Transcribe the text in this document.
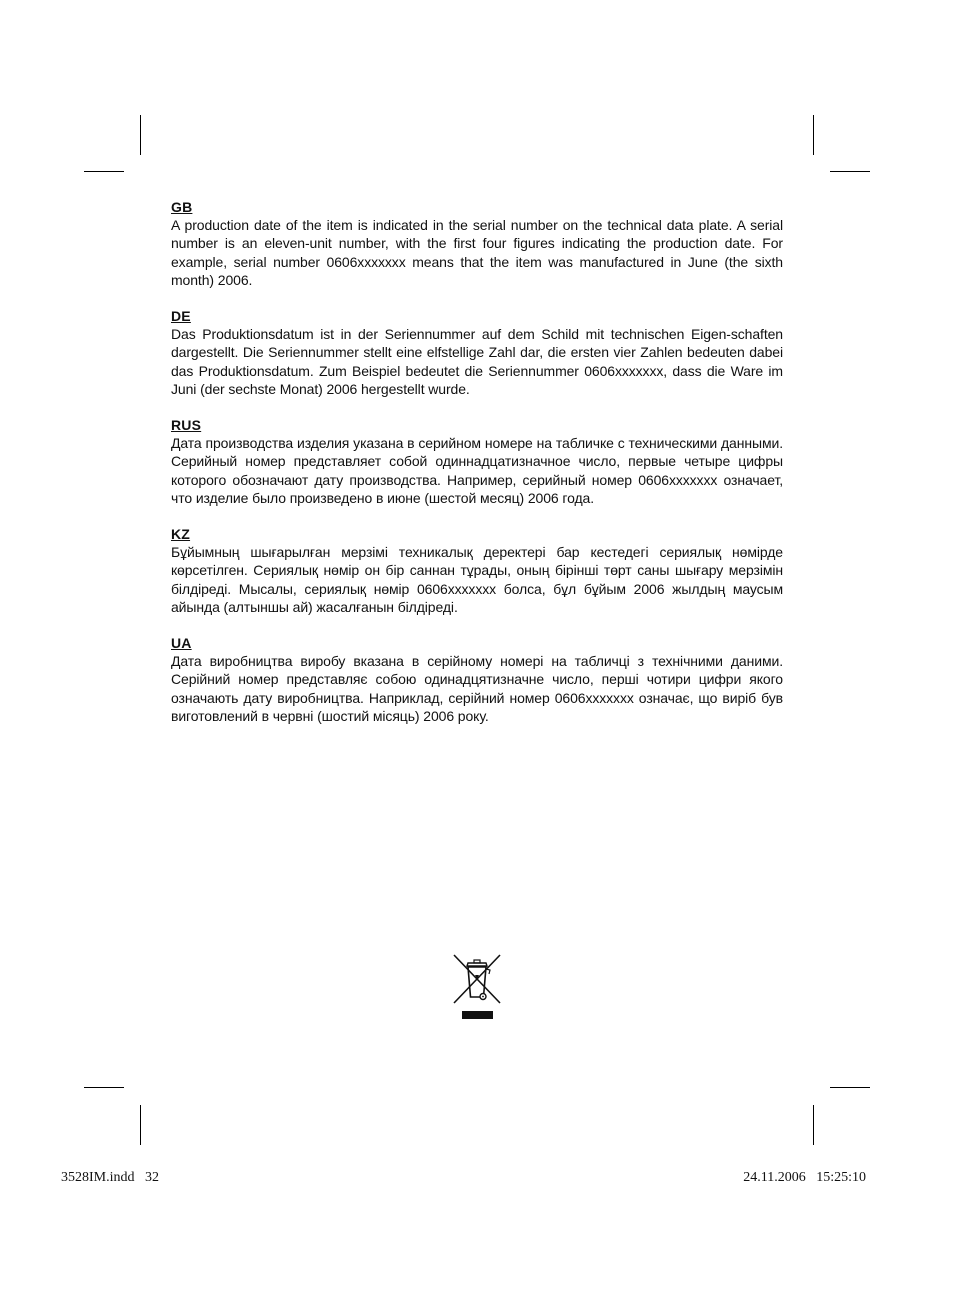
GB

A production date of the item is indicated in the serial number on the technical data plate. A serial number is an eleven-unit number, with the first four figures indicating the production date. For example, serial number 0606xxxxxxx means that the item was manufactured in June (the sixth month) 2006.

DE

Das Produktionsdatum ist in der Seriennummer auf dem Schild mit technischen Eigen-schaften dargestellt. Die Seriennummer stellt eine elfstellige Zahl dar, die ersten vier Zahlen bedeuten dabei das Produktionsdatum. Zum Beispiel bedeutet die Seriennummer 0606xxxxxxx, dass die Ware im Juni (der sechste Monat) 2006 hergestellt wurde.

RUS

Дата производства изделия указана в серийном номере на табличке с техническими данными. Серийный номер представляет собой одиннадцатизначное число, первые четыре цифры которого обозначают дату производства. Например, серийный номер 0606xxxxxxx означает, что изделие было произведено в июне (шестой месяц) 2006 года.

KZ

Бұйымның шығарылған мерзімі техникалық деректері бар кестедегі сериялық нөмірде көрсетілген. Сериялық нөмір он бір саннан тұрады, оның бірінші төрт саны шығару мерзімін білдіреді. Мысалы, сериялық нөмір 0606xxxxxxx болса, бұл бұйым 2006 жылдың маусым айында (алтыншы ай) жасалғанын білдіреді.

UA

Дата виробництва виробу вказана в серійному номері на табличці з технічними даними. Серійний номер представляє собою одинадцятизначне число, перші чотири цифри якого означають дату виробництва. Наприклад, серійний номер 0606xxxxxxx означає, що виріб був виготовлений в червні (шостий місяць) 2006 року.

3528IM.indd   32	24.11.2006   15:25:10
